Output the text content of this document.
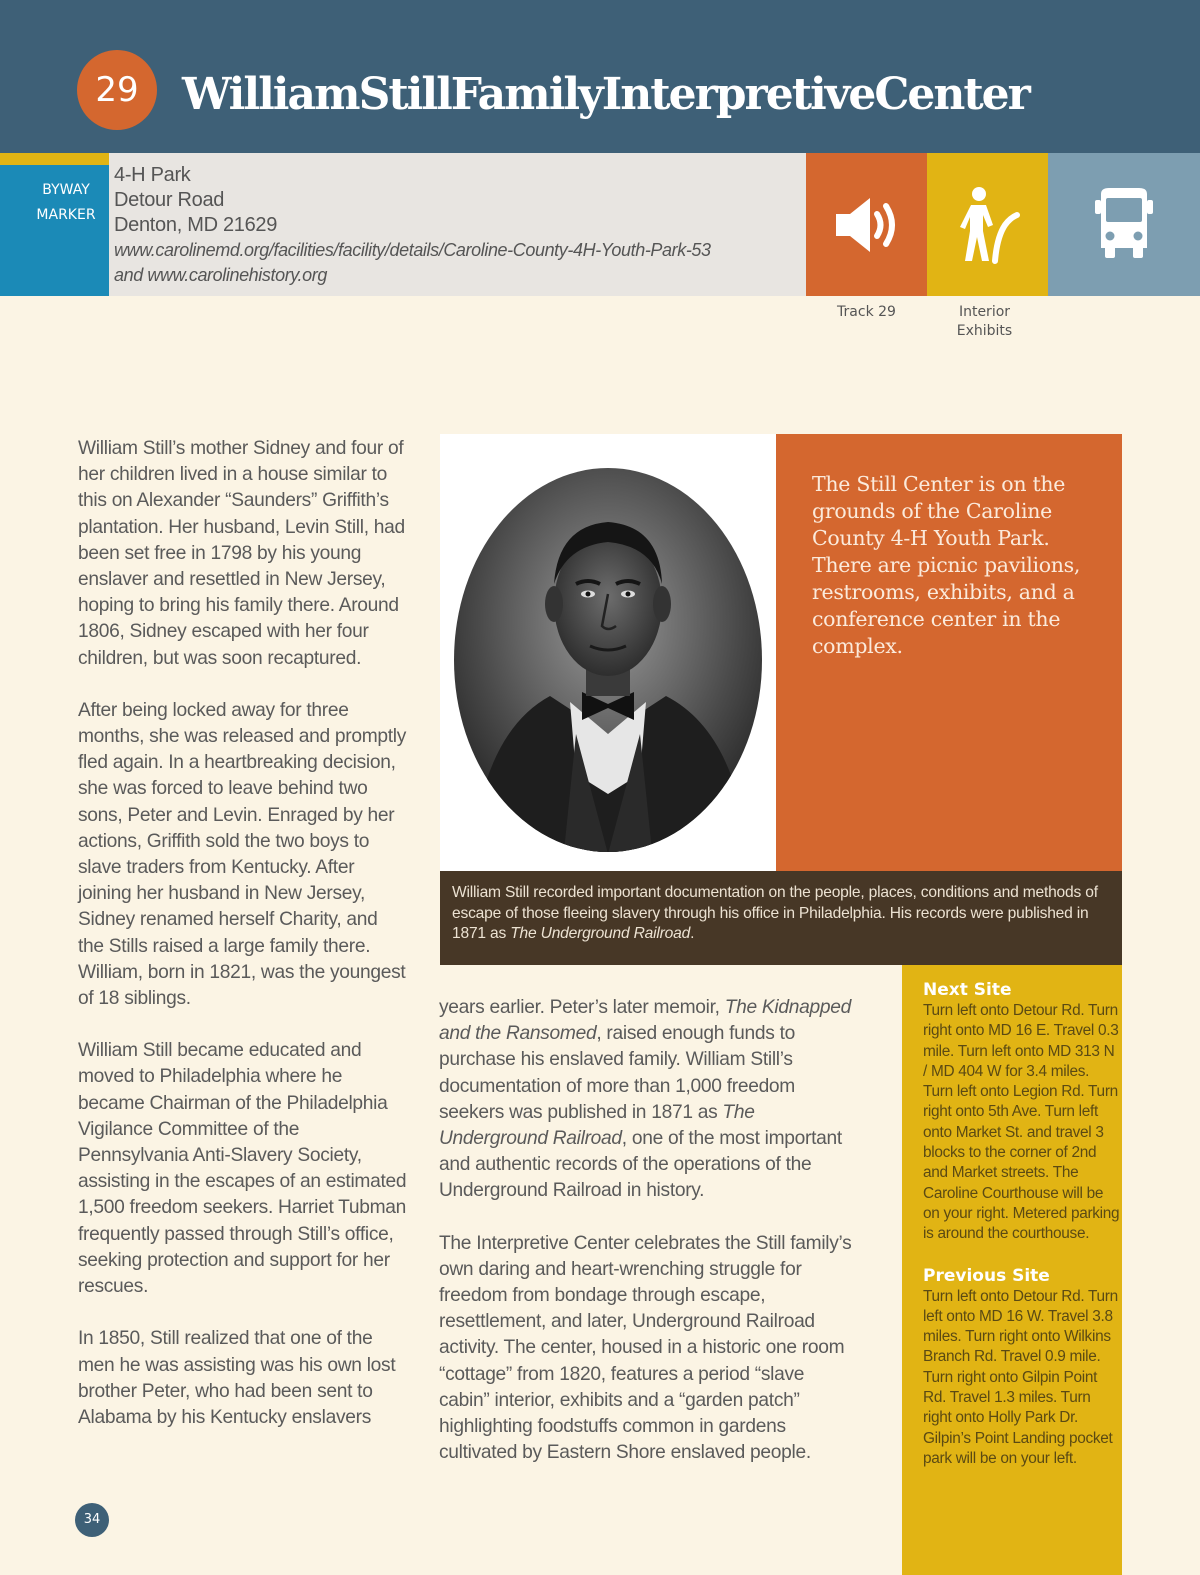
29 WilliamStillFamilyInterpretiveCenter
BYWAY
MARKER
4-H Park
Detour Road
Denton, MD 21629
www.carolinemd.org/facilities/facility/details/Caroline-County-4H-Youth-Park-53
and www.carolinehistory.org
Track 29	Interior
Exhibits

William Still’s mother Sidney and four of her children lived in a house similar to this on Alexander “Saunders” Griffith’s plantation. Her husband, Levin Still, had been set free in 1798 by his young enslaver and resettled in New Jersey, hoping to bring his family there. Around 1806, Sidney escaped with her four children, but was soon recaptured.

After being locked away for three months, she was released and promptly fled again. In a heartbreaking decision, she was forced to leave behind two sons, Peter and Levin. Enraged by her actions, Griffith sold the two boys to slave traders from Kentucky. After joining her husband in New Jersey, Sidney renamed herself Charity, and the Stills raised a large family there. William, born in 1821, was the youngest of 18 siblings.

William Still became educated and moved to Philadelphia where he became Chairman of the Philadelphia Vigilance Committee of the Pennsylvania Anti-Slavery Society, assisting in the escapes of an estimated 1,500 freedom seekers. Harriet Tubman frequently passed through Still’s office, seeking protection and support for her rescues.

In 1850, Still realized that one of the men he was assisting was his own lost brother Peter, who had been sent to Alabama by his Kentucky enslavers

The Still Center is on the grounds of the Caroline County 4-H Youth Park. There are picnic pavilions, restrooms, exhibits, and a conference center in the complex.
William Still recorded important documentation on the people, places, conditions and methods of escape of those fleeing slavery through his office in Philadelphia. His records were published in 1871 as The Underground Railroad.

years earlier. Peter’s later memoir, The Kidnapped and the Ransomed, raised enough funds to purchase his enslaved family. William Still’s documentation of more than 1,000 freedom seekers was published in 1871 as The Underground Railroad, one of the most important and authentic records of the operations of the Underground Railroad in history.

The Interpretive Center celebrates the Still family’s own daring and heart-wrenching struggle for freedom from bondage through escape, resettlement, and later, Underground Railroad activity. The center, housed in a historic one room “cottage” from 1820, features a period “slave cabin” interior, exhibits and a “garden patch” highlighting foodstuffs common in gardens cultivated by Eastern Shore enslaved people.

Next Site

Turn left onto Detour Rd. Turn right onto MD 16 E. Travel 0.3 mile. Turn left onto MD 313 N / MD 404 W for 3.4 miles. Turn left onto Legion Rd. Turn right onto 5th Ave. Turn left onto Market St. and travel 3 blocks to the corner of 2nd and Market streets. The Caroline Courthouse will be on your right. Metered parking is around the courthouse.

Previous Site

Turn left onto Detour Rd. Turn left onto MD 16 W. Travel 3.8 miles. Turn right onto Wilkins Branch Rd. Travel 0.9 mile. Turn right onto Gilpin Point Rd. Travel 1.3 miles. Turn right onto Holly Park Dr. Gilpin’s Point Landing pocket park will be on your left.

34
